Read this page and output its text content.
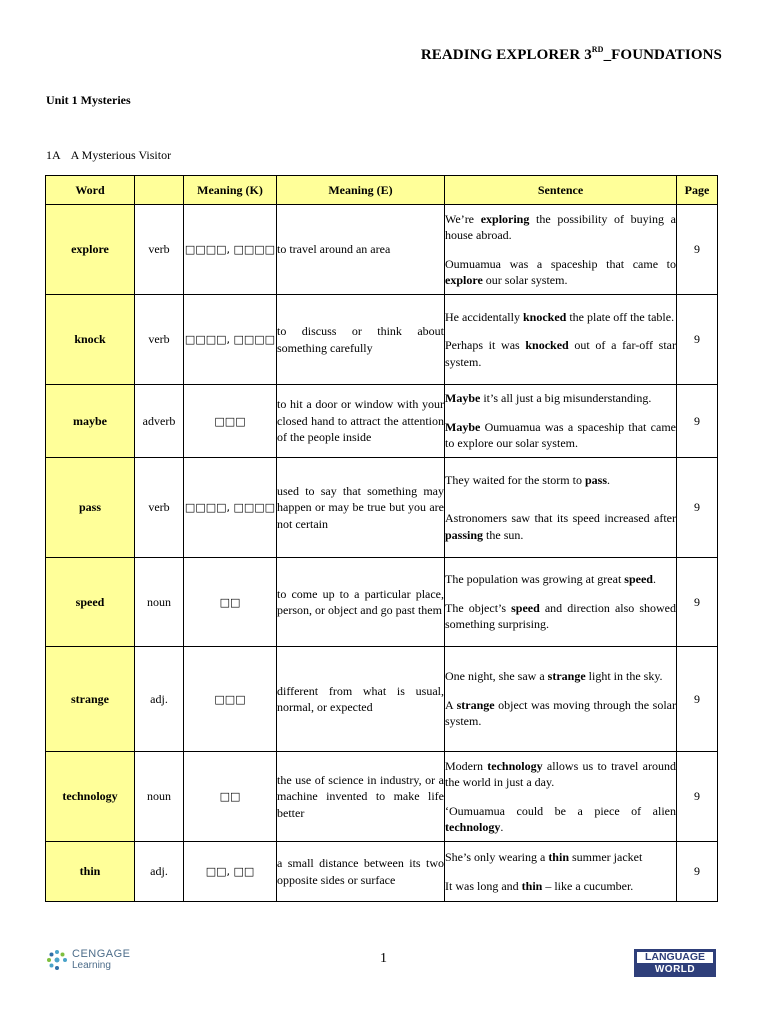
READING EXPLORER 3RD_FOUNDATIONS
Unit 1 Mysteries
1A A Mysterious Visitor
Word		Meaning (K)	Meaning (E)	Sentence	Page
explore	verb	□□□□, □□□□	to travel around an area	We’re exploring the possibility of buying a house abroad.

Oumuamua was a spaceship that came to explore our solar system.	9
knock	verb	□□□□, □□□□	to discuss or think about something carefully	He accidentally knocked the plate off the table.

Perhaps it was knocked out of a far-off star system.	9
maybe	adverb	□□□	to hit a door or window with your closed hand to attract the attention of the people inside	Maybe it’s all just a big misunderstanding.

Maybe Oumuamua was a spaceship that came to explore our solar system.	9
pass	verb	□□□□, □□□□	used to say that something may happen or may be true but you are not certain	They waited for the storm to pass.

Astronomers saw that its speed increased after passing the sun.	9
speed	noun	□□	to come up to a particular place, person, or object and go past them	The population was growing at great speed.

The object’s speed and direction also showed something surprising.	9
strange	adj.	□□□	different from what is usual, normal, or expected	One night, she saw a strange light in the sky.

A strange object was moving through the solar system.	9
technology	noun	□□	the use of science in industry, or a machine invented to make life better	Modern technology allows us to travel around the world in just a day.

‘Oumuamua could be a piece of alien technology.	9
thin	adj.	□□, □□	a small distance between its two opposite sides or surface	She’s only wearing a thin summer jacket

It was long and thin – like a cucumber.	9
CENGAGE
Learning	1	LANGUAGE
WORLD
